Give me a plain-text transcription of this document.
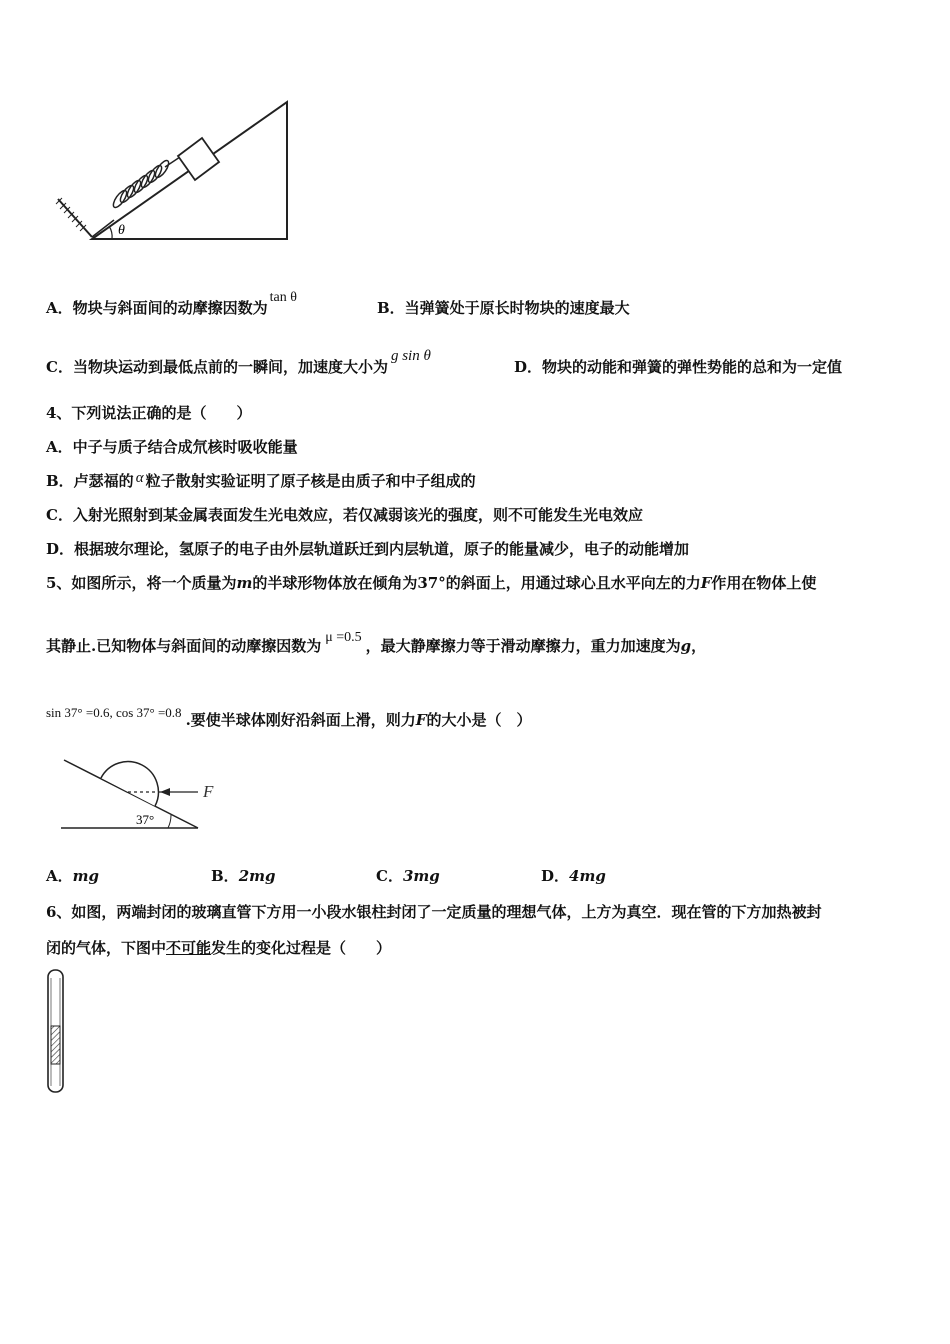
θ
A．物块与斜面间的动摩擦因数为tan θ
B．当弹簧处于原长时物块的速度最大
C．当物块运动到最低点前的一瞬间，加速度大小为g sin θ
D．物块的动能和弹簧的弹性势能的总和为一定值
4、下列说法正确的是（　　）
A．中子与质子结合成氘核时吸收能量
B．卢瑟福的 α 粒子散射实验证明了原子核是由质子和中子组成的
C．入射光照射到某金属表面发生光电效应，若仅减弱该光的强度，则不可能发生光电效应
D．根据玻尔理论，氢原子的电子由外层轨道跃迁到内层轨道，原子的能量减少，电子的动能增加
5、如图所示，将一个质量为m的半球形物体放在倾角为37°的斜面上，用通过球心且水平向左的力F作用在物体上使
其静止.已知物体与斜面间的动摩擦因数为 μ =0.5 ，最大静摩擦力等于滑动摩擦力，重力加速度为g，
sin 37° =0.6, cos 37° =0.8 .要使半球体刚好沿斜面上滑，则力F的大小是（　）
F
37°
A．mg	B．2mg	C．3mg	D．4mg
6、如图，两端封闭的玻璃直管下方用一小段水银柱封闭了一定质量的理想气体，上方为真空．现在管的下方加热被封
闭的气体，下图中不可能发生的变化过程是（　　）
